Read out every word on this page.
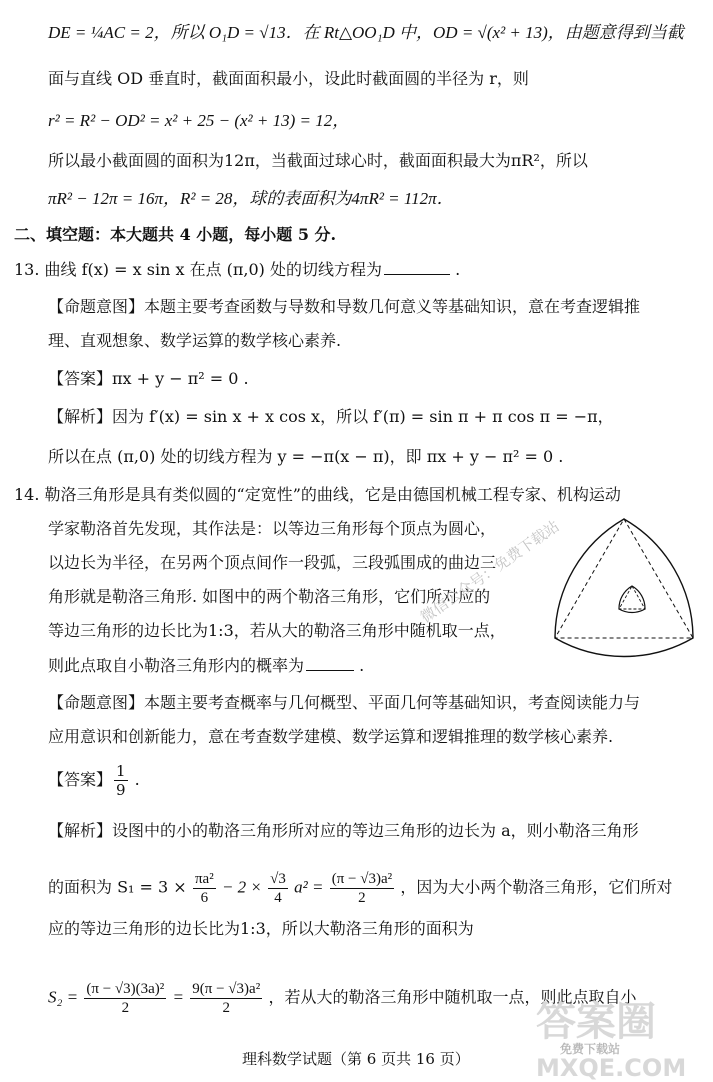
DE = ¼AC = 2，所以 O₁D = √13．在 Rt△OO₁D 中，OD = √(x² + 13)，由题意得到当截
面与直线 OD 垂直时，截面面积最小，设此时截面圆的半径为 r，则
r² = R² − OD² = x² + 25 − (x² + 13) = 12，
所以最小截面圆的面积为12π，当截面过球心时，截面面积最大为πR²，所以
πR² − 12π = 16π，R² = 28，球的表面积为4πR² = 112π．
二、填空题：本大题共 4 小题，每小题 5 分.
13. 曲线 f(x) = x sin x 在点 (π,0) 处的切线方程为	.
【命题意图】本题主要考查函数与导数和导数几何意义等基础知识，意在考查逻辑推
理、直观想象、数学运算的数学核心素养.
【答案】πx + y − π² = 0 .
【解析】因为 f′(x) = sin x + x cos x，所以 f′(π) = sin π + π cos π = −π，
所以在点 (π,0) 处的切线方程为 y = −π(x − π)，即 πx + y − π² = 0 .
14. 勒洛三角形是具有类似圆的“定宽性”的曲线，它是由德国机械工程专家、机构运动
学家勒洛首先发现，其作法是：以等边三角形每个顶点为圆心，
以边长为半径，在另两个顶点间作一段弧，三段弧围成的曲边三
角形就是勒洛三角形. 如图中的两个勒洛三角形，它们所对应的
等边三角形的边长比为1:3，若从大的勒洛三角形中随机取一点，
则此点取自小勒洛三角形内的概率为	.
微信公众号：免费下载站
【命题意图】本题主要考查概率与几何概型、平面几何等基础知识，考查阅读能力与
应用意识和创新能力，意在考查数学建模、数学运算和逻辑推理的数学核心素养.
【答案】 $\frac{1}{9}$ .
【解析】设图中的小的勒洛三角形所对应的等边三角形的边长为 a，则小勒洛三角形
的面积为 $S_1 = 3 \times \frac{\text{πa²}}{6} - 2 \times \frac{√3}{4} a^2 = \frac{\text{(π − √3)a²}}{2}$ ，因为大小两个勒洛三角形，它们所对
应的等边三角形的边长比为1:3，所以大勒洛三角形的面积为
$S_2 = \frac{\text{(π − √3)(3a)²}}{2} = \frac{\text{9(π − √3)a²}}{2}$ ，若从大的勒洛三角形中随机取一点，则此点取自小
理科数学试题（第 6 页共 16 页）
答案圈
免费下载站
MXQE.COM
